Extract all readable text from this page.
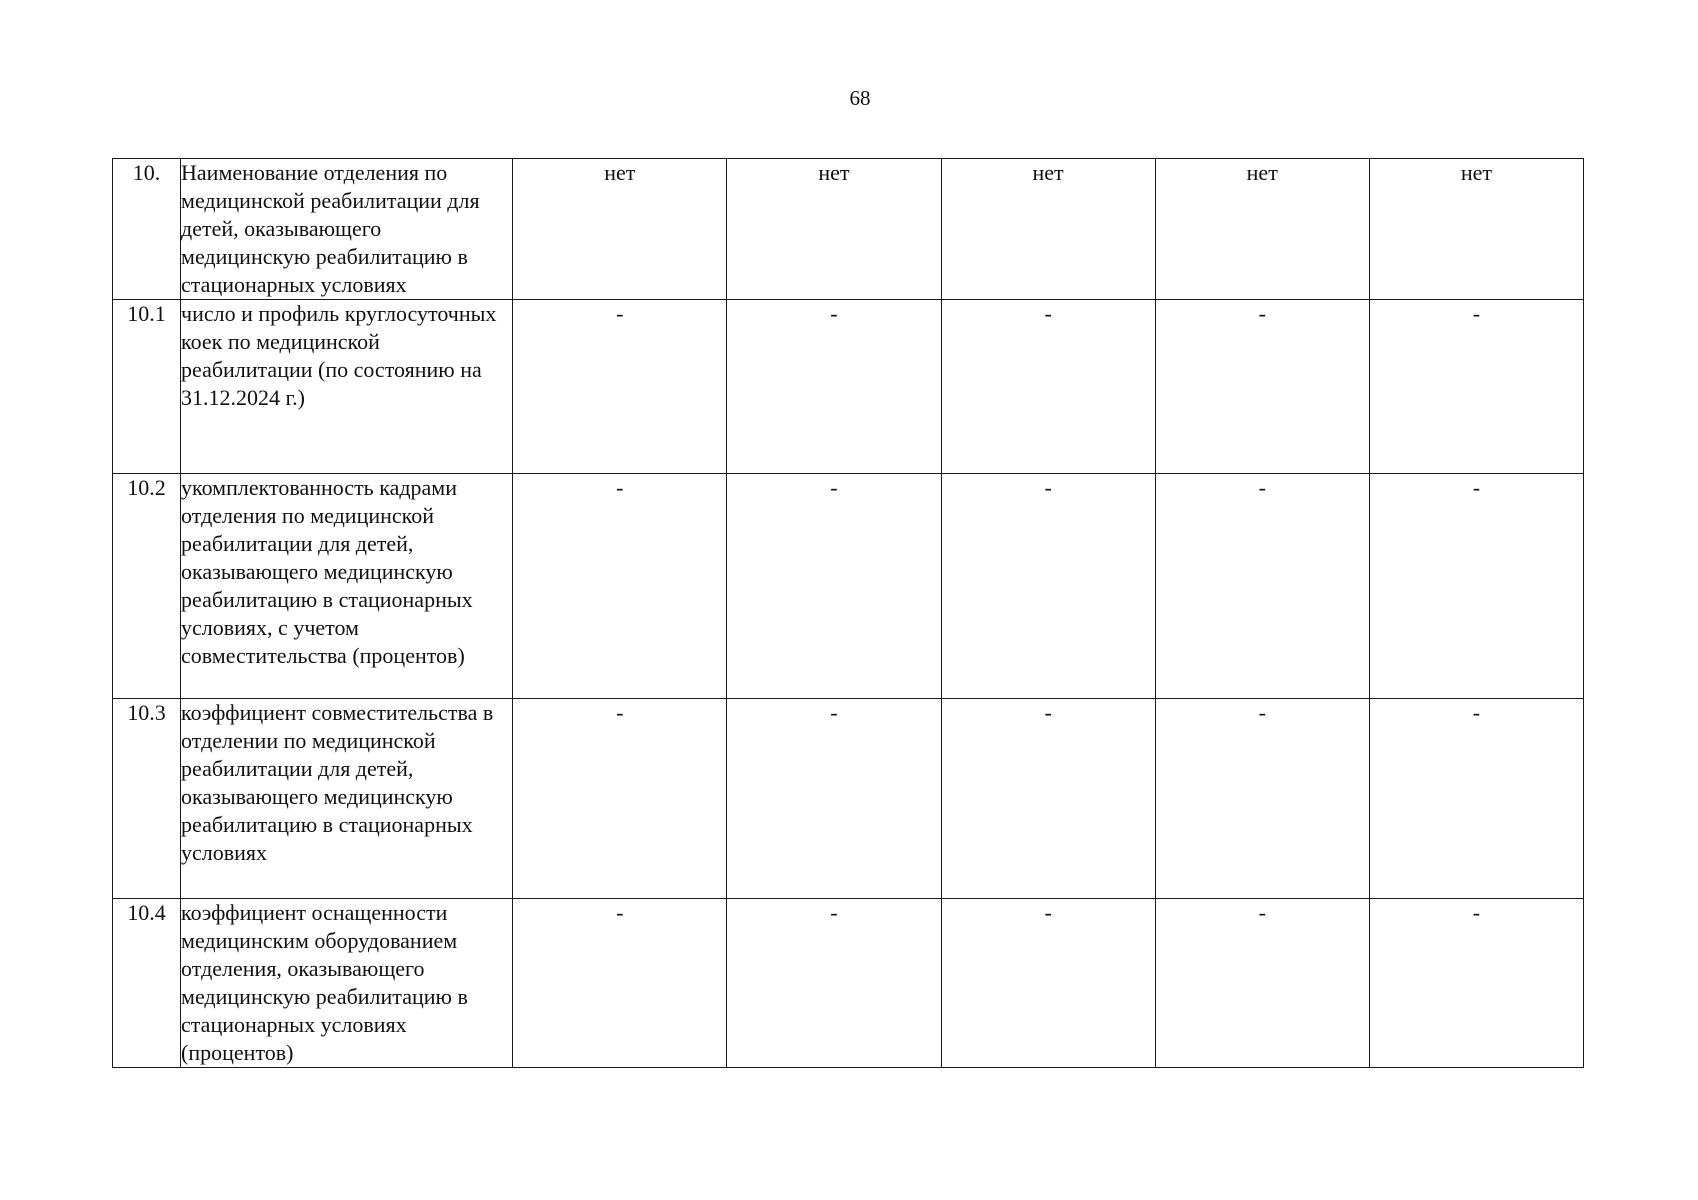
68
10.	Наименование отделения по медицинской реабилитации для детей, оказывающего медицинскую реабилитацию в стационарных условиях	нет	нет	нет	нет	нет
10.1	число и профиль круглосуточных коек по медицинской реабилитации (по состоянию на 31.12.2024 г.)	-	-	-	-	-
10.2	укомплектованность кадрами отделения по медицинской реабилитации для детей, оказывающего медицинскую реабилитацию в стационарных условиях, с учетом совместительства (процентов)	-	-	-	-	-
10.3	коэффициент совместительства в отделении по медицинской реабилитации для детей, оказывающего медицинскую реабилитацию в стационарных условиях	-	-	-	-	-
10.4	коэффициент оснащенности медицинским оборудованием отделения, оказывающего медицинскую реабилитацию в стационарных условиях (процентов)	-	-	-	-	-
